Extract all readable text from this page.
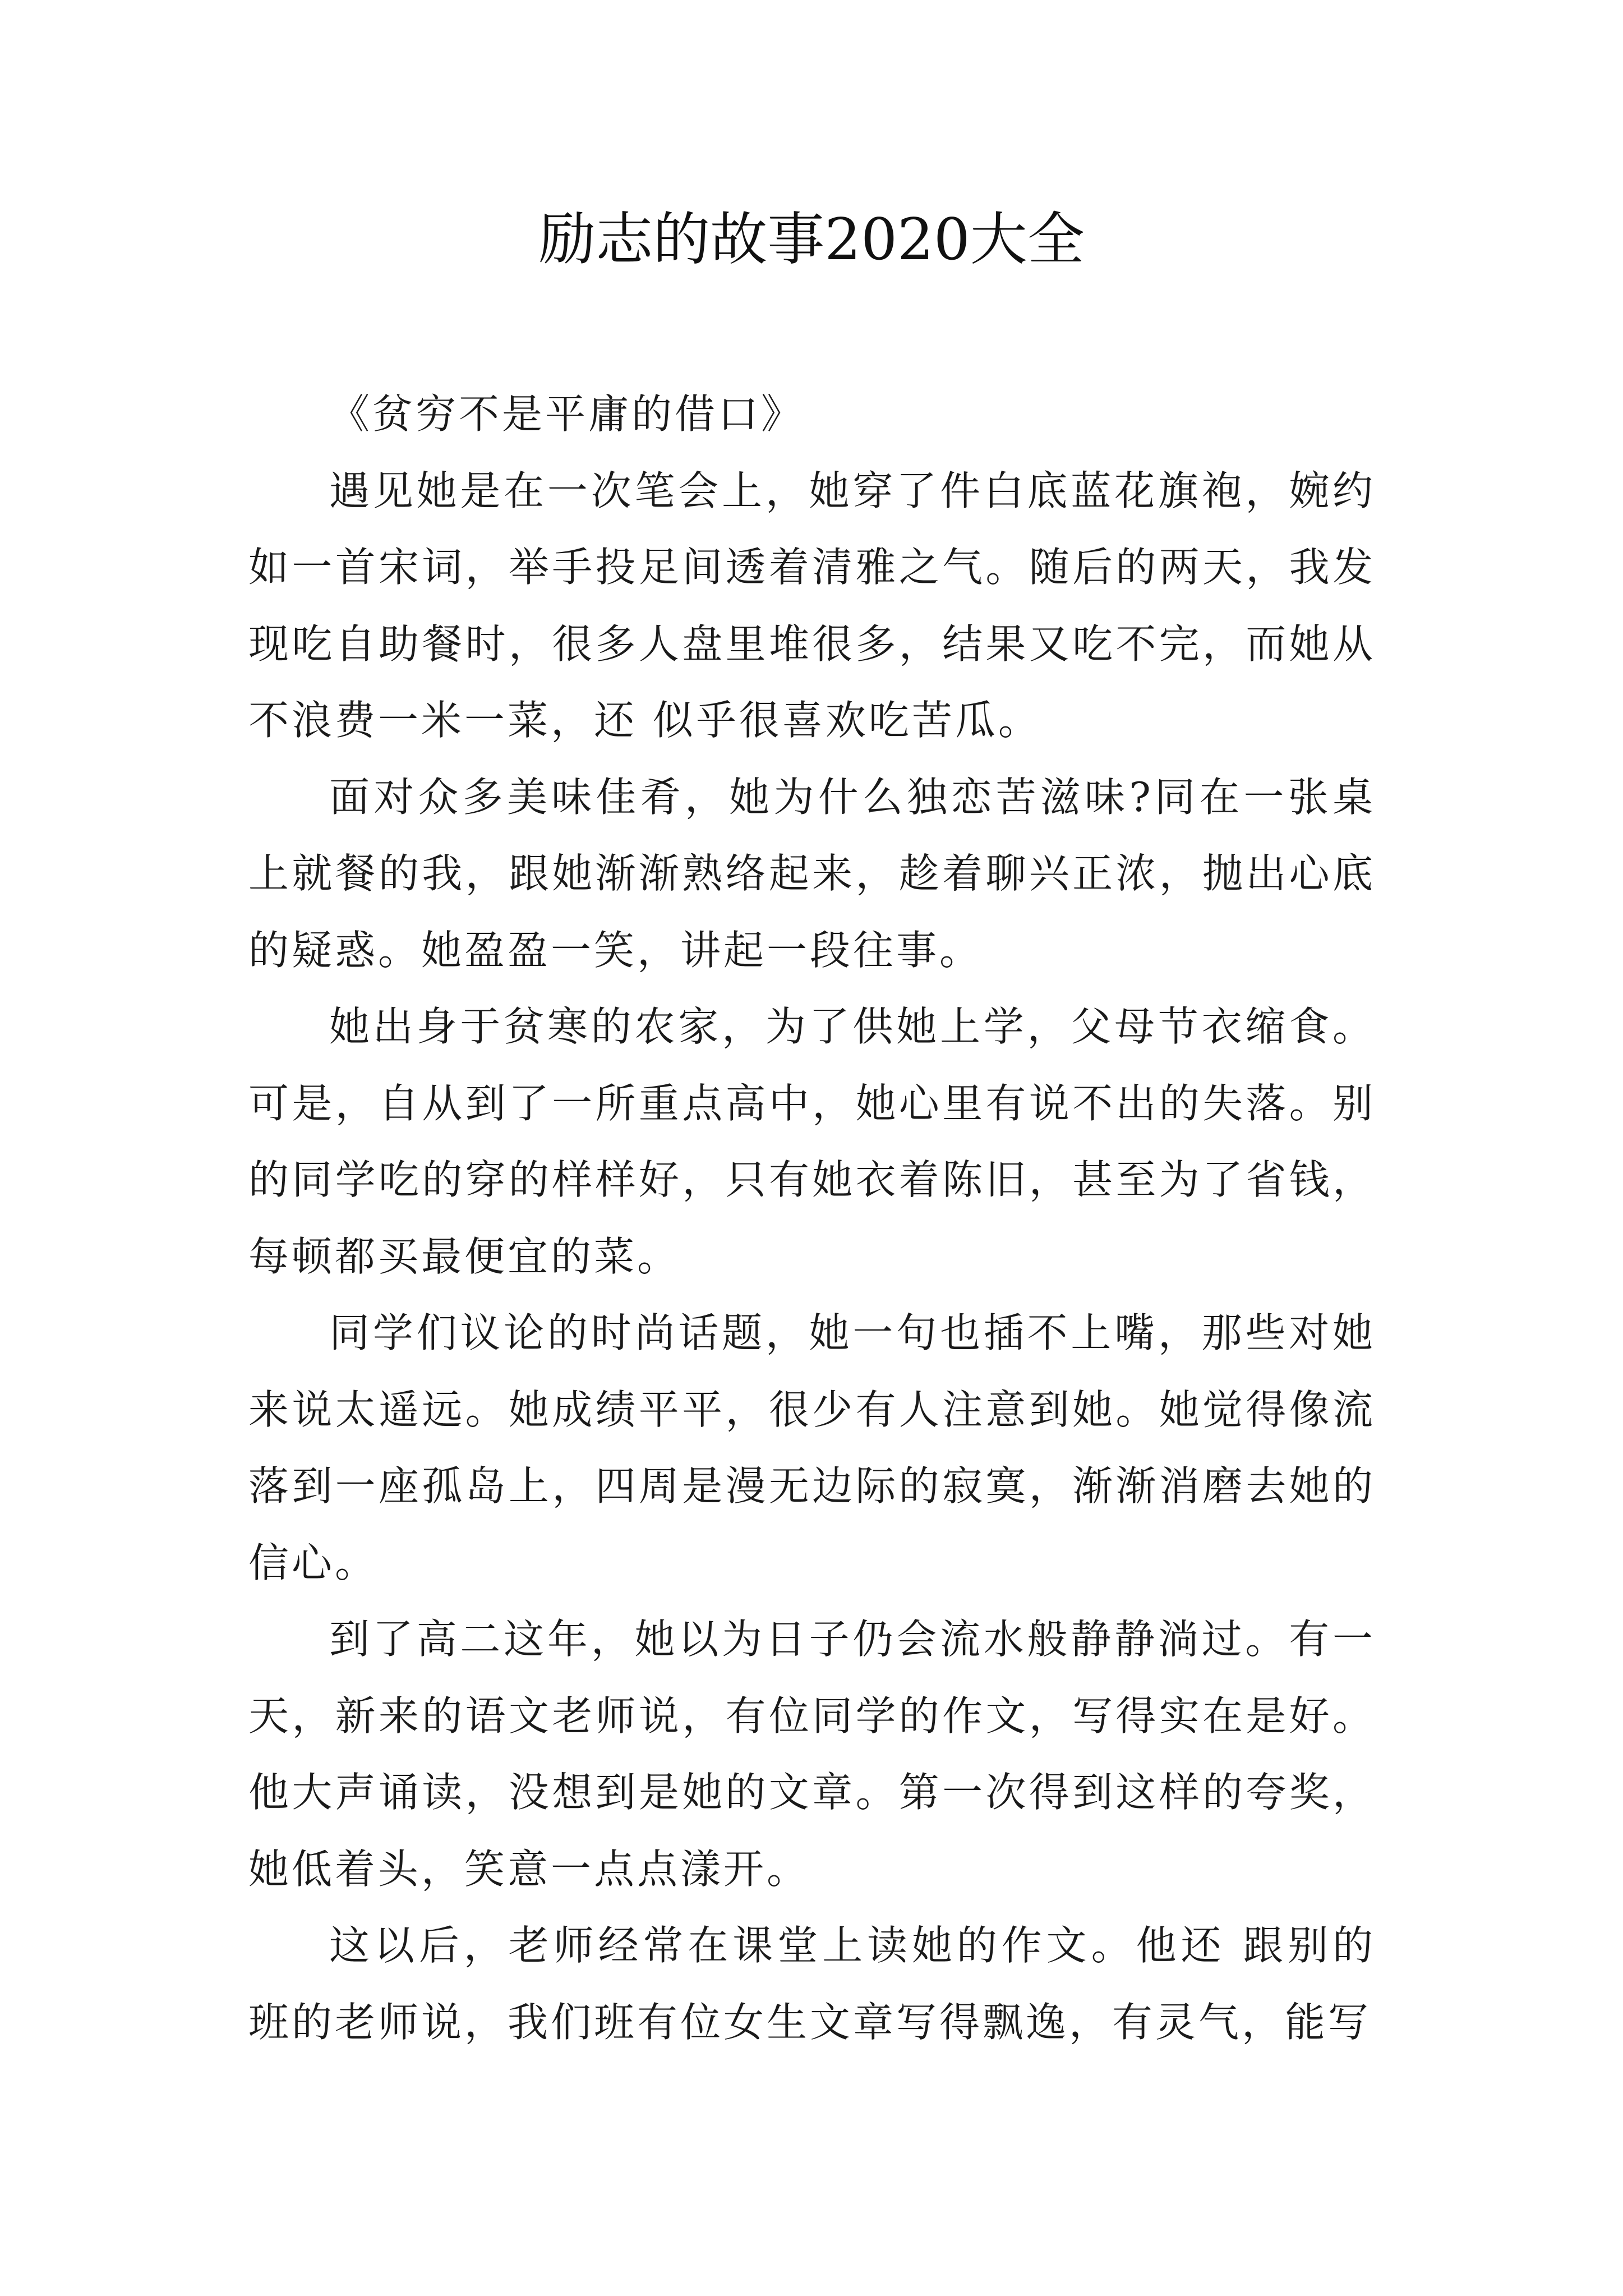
励志的故事2020大全

《贫穷不是平庸的借口》

遇见她是在一次笔会上，她穿了件白底蓝花旗袍，婉约如一首宋词，举手投足间透着清雅之气。随后的两天，我发现吃自助餐时，很多人盘里堆很多，结果又吃不完，而她从不浪费一米一菜，还 似乎很喜欢吃苦瓜。

面对众多美味佳肴，她为什么独恋苦滋味?同在一张桌上就餐的我，跟她渐渐熟络起来，趁着聊兴正浓，抛出心底的疑惑。她盈盈一笑，讲起一段往事。

她出身于贫寒的农家，为了供她上学，父母节衣缩食。可是，自从到了一所重点高中，她心里有说不出的失落。别的同学吃的穿的样样好，只有她衣着陈旧，甚至为了省钱，每顿都买最便宜的菜。

同学们议论的时尚话题，她一句也插不上嘴，那些对她来说太遥远。她成绩平平，很少有人注意到她。她觉得像流落到一座孤岛上，四周是漫无边际的寂寞，渐渐消磨去她的信心。

到了高二这年，她以为日子仍会流水般静静淌过。有一天，新来的语文老师说，有位同学的作文，写得实在是好。他大声诵读，没想到是她的文章。第一次得到这样的夸奖，她低着头，笑意一点点漾开。

这以后，老师经常在课堂上读她的作文。他还 跟别的班的老师说，我们班有位女生文章写得飘逸，有灵气，能写
